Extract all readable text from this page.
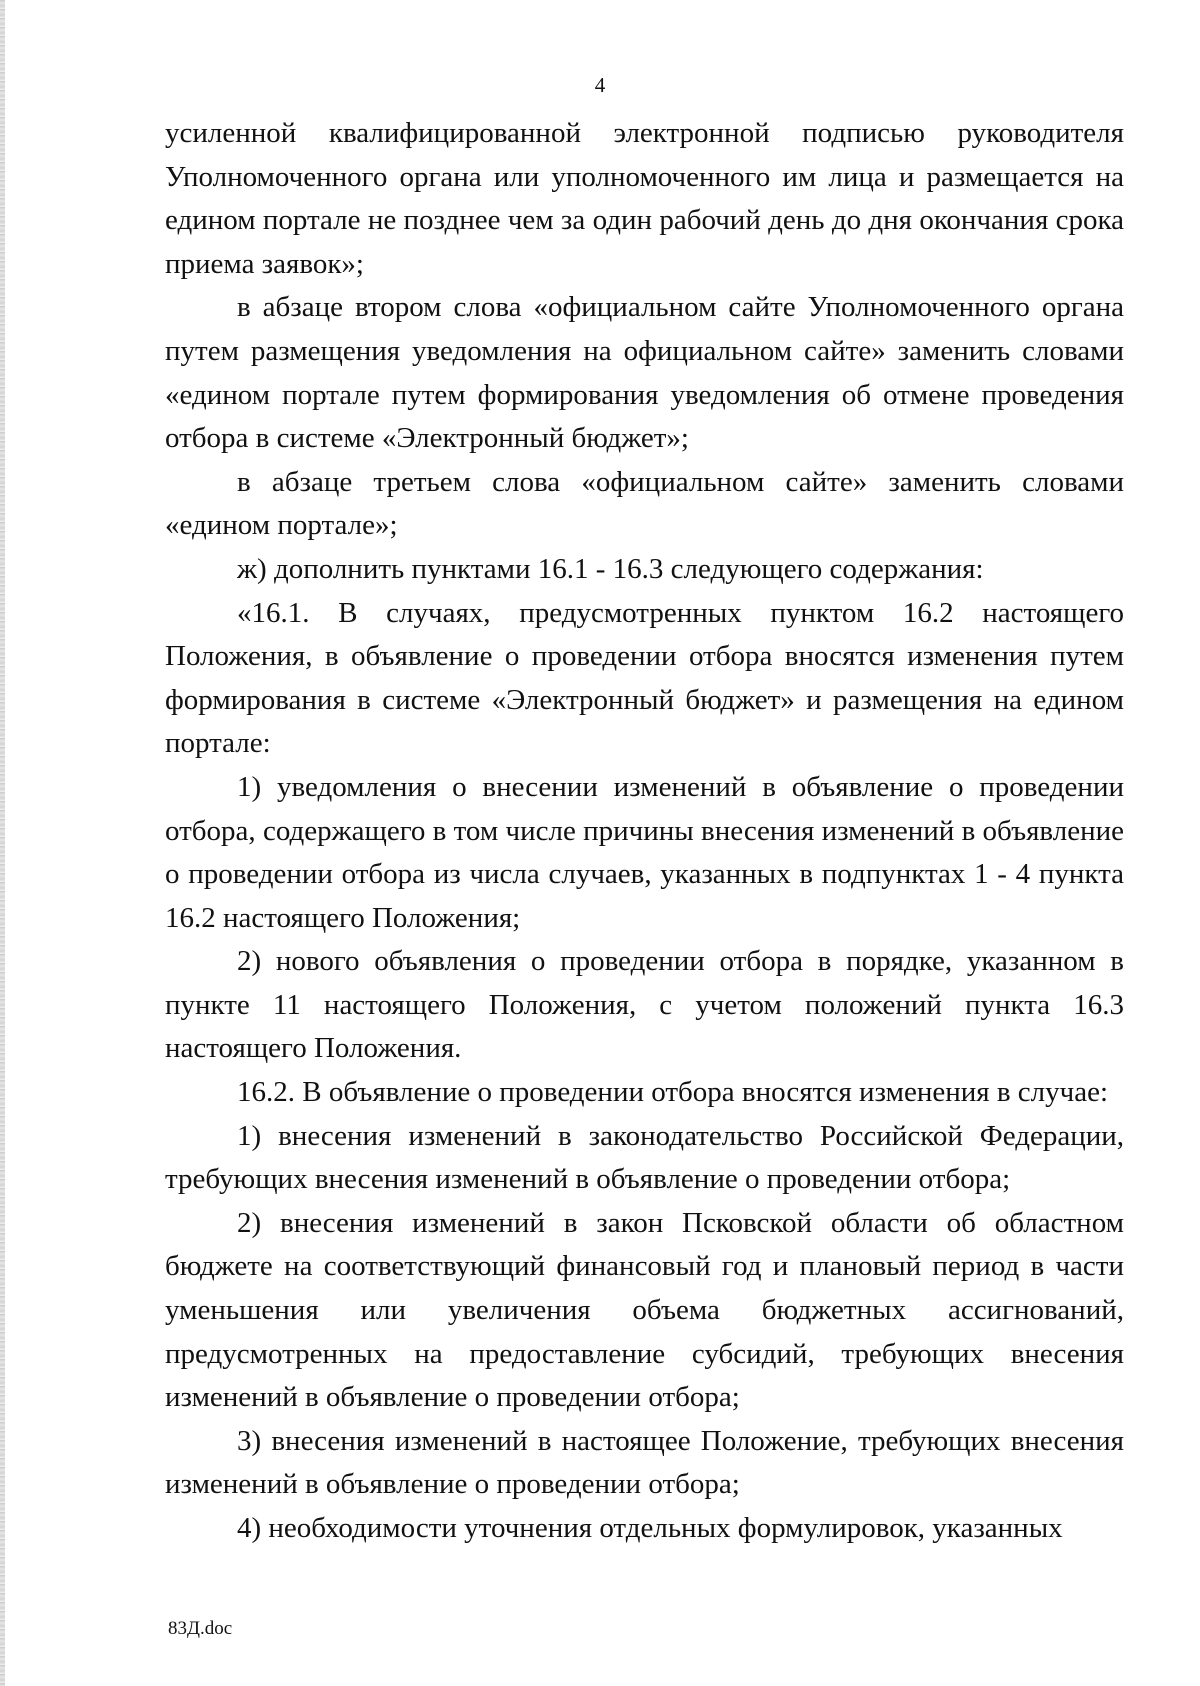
4

усиленной квалифицированной электронной подписью руководителя Уполномоченного органа или уполномоченного им лица и размещается на едином портале не позднее чем за один рабочий день до дня окончания срока приема заявок»;

в абзаце втором слова «официальном сайте Уполномоченного органа путем размещения уведомления на официальном сайте» заменить словами «едином портале путем формирования уведомления об отмене проведения отбора в системе «Электронный бюджет»;

в абзаце третьем слова «официальном сайте» заменить словами «едином портале»;

ж) дополнить пунктами 16.1 - 16.3 следующего содержания:

«16.1. В случаях, предусмотренных пунктом 16.2 настоящего Положения, в объявление о проведении отбора вносятся изменения путем формирования в системе «Электронный бюджет» и размещения на едином портале:

1) уведомления о внесении изменений в объявление о проведении отбора, содержащего в том числе причины внесения изменений в объявление о проведении отбора из числа случаев, указанных в подпунктах 1 - 4 пункта 16.2 настоящего Положения;

2) нового объявления о проведении отбора в порядке, указанном в пункте 11 настоящего Положения, с учетом положений пункта 16.3 настоящего Положения.

16.2. В объявление о проведении отбора вносятся изменения в случае:

1) внесения изменений в законодательство Российской Федерации, требующих внесения изменений в объявление о проведении отбора;

2) внесения изменений в закон Псковской области об областном бюджете на соответствующий финансовый год и плановый период в части уменьшения или увеличения объема бюджетных ассигнований, предусмотренных на предоставление субсидий, требующих внесения изменений в объявление о проведении отбора;

3) внесения изменений в настоящее Положение, требующих внесения изменений в объявление о проведении отбора;

4) необходимости уточнения отдельных формулировок, указанных

83Д.doc
